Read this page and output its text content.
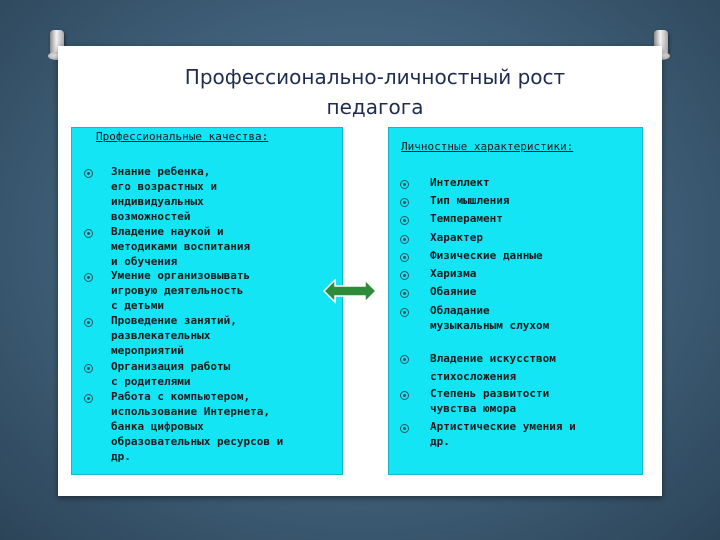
Профессионально-личностный рост
педагога
Профессиональные качества:
Личностные характеристики:
Знание ребенка,
его возрастных и
индивидуальных
возможностей
Владение наукой и
методиками воспитания
и обучения
Умение организовывать
игровую деятельность
с детьми
Проведение занятий,
развлекательных
мероприятий
Организация работы
с родителями
Работа с компьютером,
использование Интернета,
банка цифровых
образовательных ресурсов и
др.
Интеллект
Тип мышления
Темперамент
Характер
Физические данные
Харизма
Обаяние
Обладание
музыкальным слухом
Владение искусством
стихосложения
Степень развитости
чувства юмора
Артистические умения и
др.
